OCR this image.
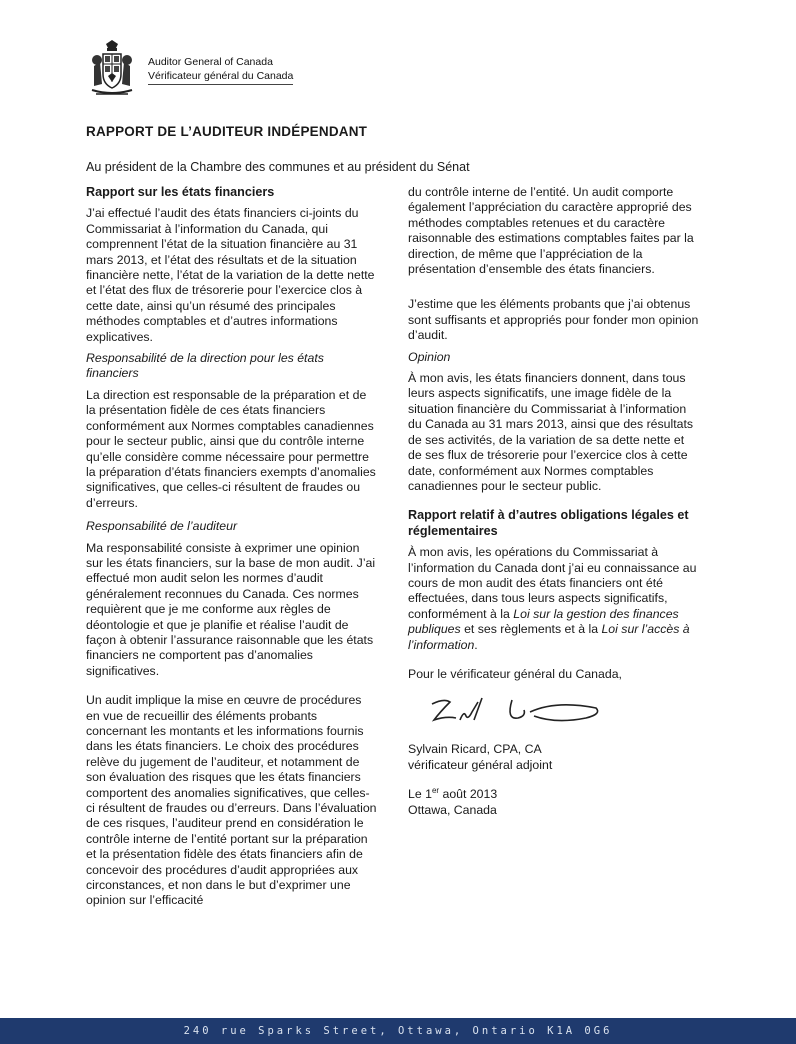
Auditor General of Canada
Vérificateur général du Canada
RAPPORT DE L’AUDITEUR INDÉPENDANT

Au président de la Chambre des communes et au président du Sénat

Rapport sur les états financiers

J’ai effectué l’audit des états financiers ci-joints du Commissariat à l’information du Canada, qui comprennent l’état de la situation financière au 31 mars 2013, et l’état des résultats et de la situation financière nette, l’état de la variation de la dette nette et l’état des flux de trésorerie pour l’exercice clos à cette date, ainsi qu’un résumé des principales méthodes comptables et d’autres informations explicatives.

Responsabilité de la direction pour les états financiers

La direction est responsable de la préparation et de la présentation fidèle de ces états financiers conformément aux Normes comptables canadiennes pour le secteur public, ainsi que du contrôle interne qu’elle considère comme nécessaire pour permettre la préparation d’états financiers exempts d’anomalies significatives, que celles-ci résultent de fraudes ou d’erreurs.

Responsabilité de l’auditeur

Ma responsabilité consiste à exprimer une opinion sur les états financiers, sur la base de mon audit. J’ai effectué mon audit selon les normes d’audit généralement reconnues du Canada. Ces normes requièrent que je me conforme aux règles de déontologie et que je planifie et réalise l’audit de façon à obtenir l’assurance raisonnable que les états financiers ne comportent pas d’anomalies significatives.

Un audit implique la mise en œuvre de procédures en vue de recueillir des éléments probants concernant les montants et les informations fournis dans les états financiers. Le choix des procédures relève du jugement de l’auditeur, et notamment de son évaluation des risques que les états financiers comportent des anomalies significatives, que celles-ci résultent de fraudes ou d’erreurs. Dans l’évaluation de ces risques, l’auditeur prend en considération le contrôle interne de l’entité portant sur la préparation et la présentation fidèle des états financiers afin de concevoir des procédures d’audit appropriées aux circonstances, et non dans le but d’exprimer une opinion sur l’efficacité

du contrôle interne de l’entité. Un audit comporte également l’appréciation du caractère approprié des méthodes comptables retenues et du caractère raisonnable des estimations comptables faites par la direction, de même que l’appréciation de la présentation d’ensemble des états financiers.

J’estime que les éléments probants que j’ai obtenus sont suffisants et appropriés pour fonder mon opinion d’audit.

Opinion

À mon avis, les états financiers donnent, dans tous leurs aspects significatifs, une image fidèle de la situation financière du Commissariat à l’information du Canada au 31 mars 2013, ainsi que des résultats de ses activités, de la variation de sa dette nette et de ses flux de trésorerie pour l’exercice clos à cette date, conformément aux Normes comptables canadiennes pour le secteur public.

Rapport relatif à d’autres obligations légales et réglementaires

À mon avis, les opérations du Commissariat à l’information du Canada dont j’ai eu connaissance au cours de mon audit des états financiers ont été effectuées, dans tous leurs aspects significatifs, conformément à la Loi sur la gestion des finances publiques et ses règlements et à la Loi sur l’accès à l’information.

Pour le vérificateur général du Canada,

Sylvain Ricard, CPA, CA

vérificateur général adjoint

Le 1er août 2013

Ottawa, Canada

240 rue Sparks Street, Ottawa, Ontario K1A 0G6
